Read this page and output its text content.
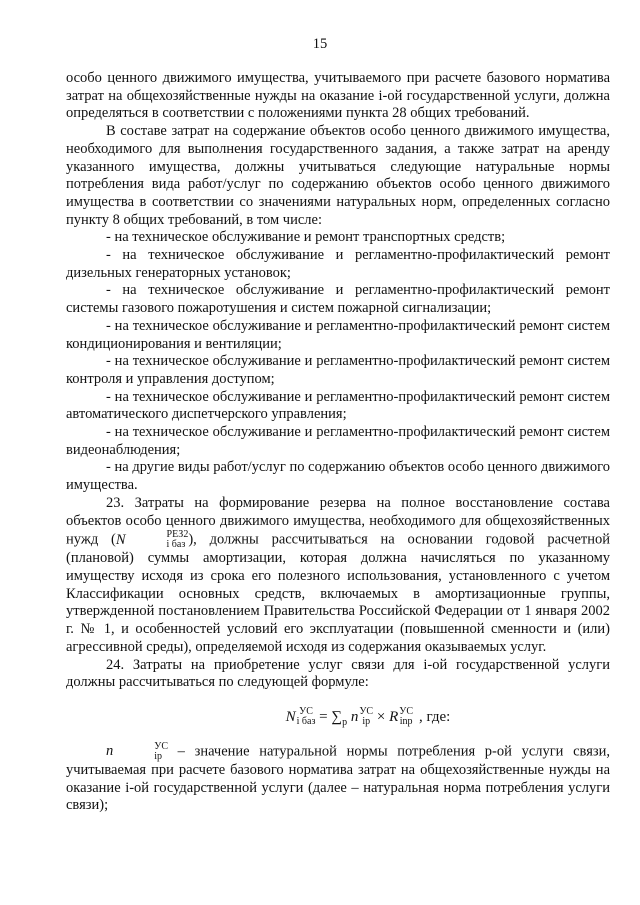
15

особо ценного движимого имущества, учитываемого при расчете базового норматива затрат на общехозяйственные нужды на оказание i-ой государственной услуги, должна определяться в соответствии с положениями пункта 28 общих требований.

В составе затрат на содержание объектов особо ценного движимого имущества, необходимого для выполнения государственного задания, а также затрат на аренду указанного имущества, должны учитываться следующие натуральные нормы потребления вида работ/услуг по содержанию объектов особо ценного движимого имущества в соответствии со значениями натуральных норм, определенных согласно пункту 8 общих требований, в том числе:

- на техническое обслуживание и ремонт транспортных средств;

- на техническое обслуживание и регламентно-профилактический ремонт дизельных генераторных установок;

- на техническое обслуживание и регламентно-профилактический ремонт системы газового пожаротушения и систем пожарной сигнализации;

- на техническое обслуживание и регламентно-профилактический ремонт систем кондиционирования и вентиляции;

- на техническое обслуживание и регламентно-профилактический ремонт систем контроля и управления доступом;

- на техническое обслуживание и регламентно-профилактический ремонт систем автоматического диспетчерского управления;

- на техническое обслуживание и регламентно-профилактический ремонт систем видеонаблюдения;

- на другие виды работ/услуг по содержанию объектов особо ценного движимого имущества.

23. Затраты на формирование резерва на полное восстановление состава объектов особо ценного движимого имущества, необходимого для общехозяйственных нужд (N	РЕЗ2
i баз ), должны рассчитываться на основании годовой расчетной (плановой) суммы амортизации, которая должна начисляться по указанному имуществу исходя из срока его полезного использования, установленного с учетом Классификации основных средств, включаемых в амортизационные группы, утвержденной постановлением Правительства Российской Федерации от 1 января 2002 г. № 1, и особенностей условий его эксплуатации (повышенной сменности и (или) агрессивной среды), определяемой исходя из содержания оказываемых услуг.

24. Затраты на приобретение услуг связи для i-ой государственной услуги должны рассчитываться по следующей формуле:

N УС
i баз = $\sum_p$ n УС
ip × R УС
inp , где:

n	УС
ip – значение натуральной нормы потребления p-ой услуги связи, учитываемая при расчете базового норматива затрат на общехозяйственные нужды на оказание i-ой государственной услуги (далее – натуральная норма потребления услуги связи);
